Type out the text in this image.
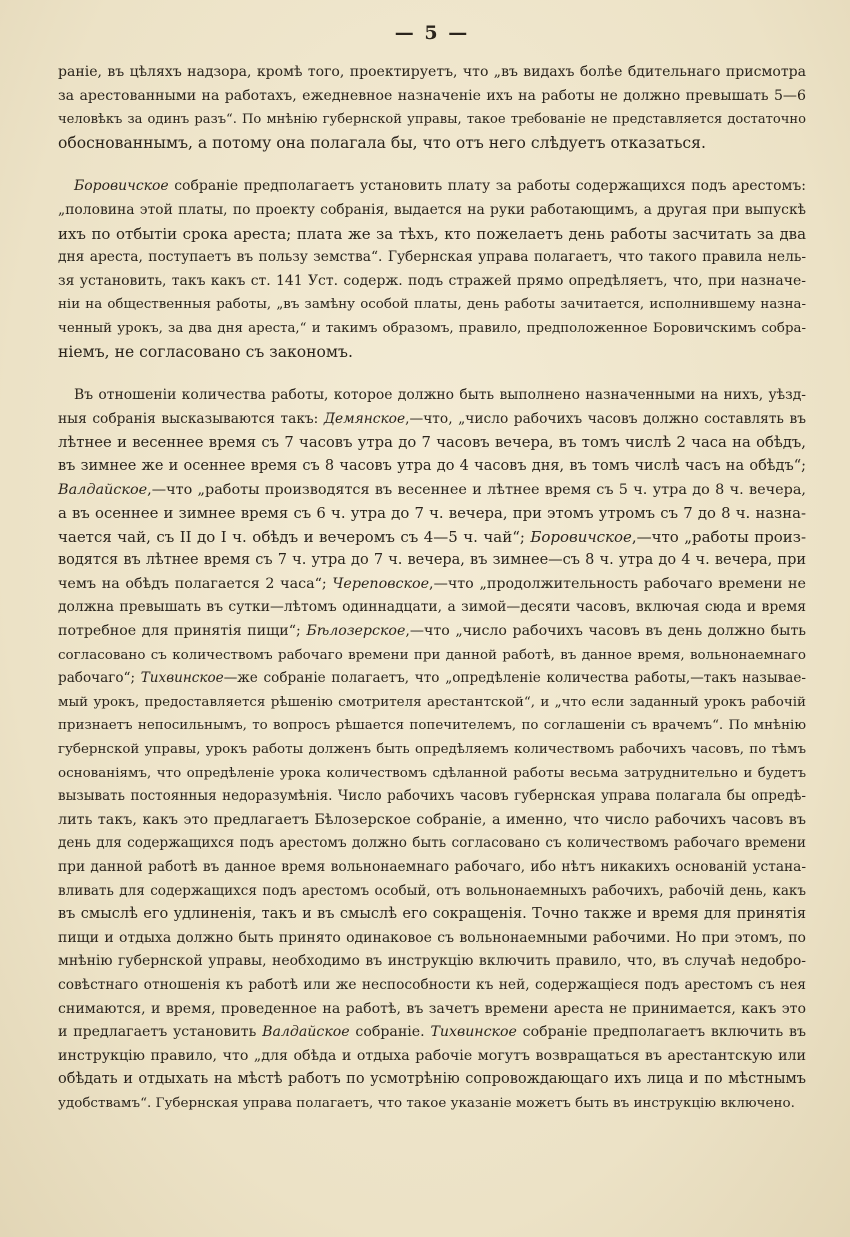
— 5 —
раніе, въ цѣляхъ надзора, кромѣ того, проектируетъ, что „въ видахъ болѣе бдительнаго присмотра
за арестованными на работахъ, ежедневное назначеніе ихъ на работы не должно превышать 5—6
человѣкъ за одинъ разъ“. По мнѣнію губернской управы, такое требованіе не представляется достаточно
обоснованнымъ, а потому она полагала бы, что отъ него слѣдуетъ отказаться.
Боровичское собраніе предполагаетъ установить плату за работы содержащихся подъ арестомъ:
„половина этой платы, по проекту собранія, выдается на руки работающимъ, а другая при выпускѣ
ихъ по отбытіи срока ареста; плата же за тѣхъ, кто пожелаетъ день работы засчитать за два
дня ареста, поступаетъ въ пользу земства“. Губернская управа полагаетъ, что такого правила нель-
зя установить, такъ какъ ст. 141 Уст. содерж. подъ стражей прямо опредѣляетъ, что, при назначе-
ніи на общественныя работы, „въ замѣну особой платы, день работы зачитается, исполнившему назна-
ченный урокъ, за два дня ареста,“ и такимъ образомъ, правило, предположенное Боровичскимъ собра-
ніемъ, не согласовано съ закономъ.
Въ отношеніи количества работы, которое должно быть выполнено назначенными на нихъ, уѣзд-
ныя собранія высказываются такъ: Демянское,—что, „число рабочихъ часовъ должно составлять въ
лѣтнее и весеннее время съ 7 часовъ утра до 7 часовъ вечера, въ томъ числѣ 2 часа на обѣдъ,
въ зимнее же и осеннее время съ 8 часовъ утра до 4 часовъ дня, въ томъ числѣ часъ на обѣдъ“;
Валдайское,—что „работы производятся въ весеннее и лѣтнее время съ 5 ч. утра до 8 ч. вечера,
а въ осеннее и зимнее время съ 6 ч. утра до 7 ч. вечера, при этомъ утромъ съ 7 до 8 ч. назна-
чается чай, съ II до I ч. обѣдъ и вечеромъ съ 4—5 ч. чай“; Боровичское,—что „работы произ-
водятся въ лѣтнее время съ 7 ч. утра до 7 ч. вечера, въ зимнее—съ 8 ч. утра до 4 ч. вечера, при
чемъ на обѣдъ полагается 2 часа“; Череповское,—что „продолжительность рабочаго времени не
должна превышать въ сутки—лѣтомъ одиннадцати, а зимой—десяти часовъ, включая сюда и время
потребное для принятія пищи“; Бѣлозерское,—что „число рабочихъ часовъ въ день должно быть
согласовано съ количествомъ рабочаго времени при данной работѣ, въ данное время, вольнонаемнаго
рабочаго“; Тихвинское—же собраніе полагаетъ, что „опредѣленіе количества работы,—такъ называе-
мый урокъ, предоставляется рѣшенію смотрителя арестантской“, и „что если заданный урокъ рабочій
признаетъ непосильнымъ, то вопросъ рѣшается попечителемъ, по соглашеніи съ врачемъ“. По мнѣнію
губернской управы, урокъ работы долженъ быть опредѣляемъ количествомъ рабочихъ часовъ, по тѣмъ
основаніямъ, что опредѣленіе урока количествомъ сдѣланной работы весьма затруднительно и будетъ
вызывать постоянныя недоразумѣнія. Число рабочихъ часовъ губернская управа полагала бы опредѣ-
лить такъ, какъ это предлагаетъ Бѣлозерское собраніе, а именно, что число рабочихъ часовъ въ
день для содержащихся подъ арестомъ должно быть согласовано съ количествомъ рабочаго времени
при данной работѣ въ данное время вольнонаемнаго рабочаго, ибо нѣтъ никакихъ основаній устана-
вливать для содержащихся подъ арестомъ особый, отъ вольнонаемныхъ рабочихъ, рабочій день, какъ
въ смыслѣ его удлиненія, такъ и въ смыслѣ его сокращенія. Точно также и время для принятія
пищи и отдыха должно быть принято одинаковое съ вольнонаемными рабочими. Но при этомъ, по
мнѣнію губернской управы, необходимо въ инструкцію включить правило, что, въ случаѣ недобро-
совѣстнаго отношенія къ работѣ или же неспособности къ ней, содержащіеся подъ арестомъ съ нея
снимаются, и время, проведенное на работѣ, въ зачетъ времени ареста не принимается, какъ это
и предлагаетъ установить Валдайское собраніе. Тихвинское собраніе предполагаетъ включить въ
инструкцію правило, что „для обѣда и отдыха рабочіе могутъ возвращаться въ арестантскую или
обѣдать и отдыхать на мѣстѣ работъ по усмотрѣнію сопровождающаго ихъ лица и по мѣстнымъ
удобствамъ“. Губернская управа полагаетъ, что такое указаніе можетъ быть въ инструкцію включено.
